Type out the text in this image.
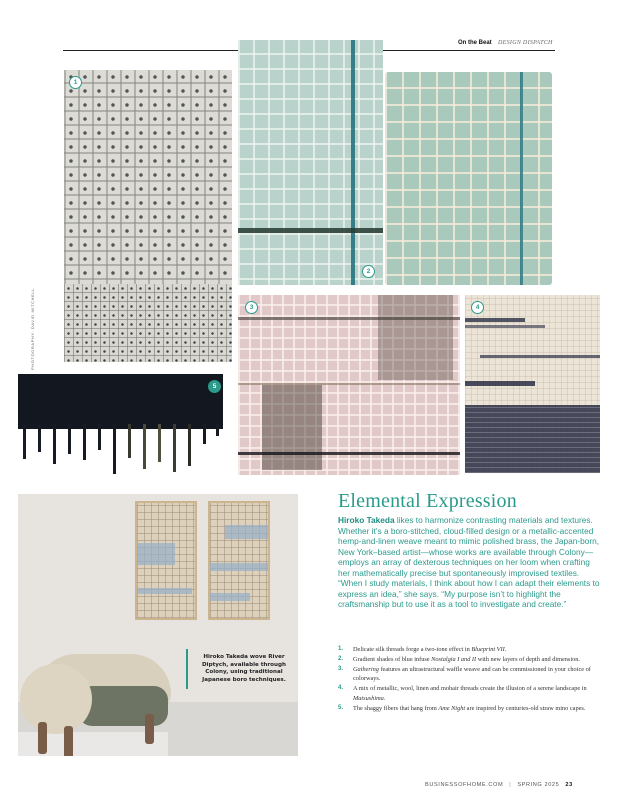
On the Beat DESIGN DISPATCH
PHOTOGRAPHY: DAVID MITCHELL
1
2
3	4
5
Hiroko Takeda wove River Diptych, available through Colony, using traditional Japanese boro techniques.
Elemental Expression
Hiroko Takeda likes to harmonize contrasting materials and textures. Whether it’s a boro-stitched, cloud-filled design or a metallic-accented hemp-and-linen weave meant to mimic polished brass, the Japan-born, New York–based artist—whose works are available through Colony—employs an array of dexterous techniques on her loom when crafting her mathematically precise but spontaneously improvised textiles. “When I study materials, I think about how I can adapt their elements to express an idea,” she says. “My purpose isn’t to highlight the craftsmanship but to use it as a tool to investigate and create.”
1. Delicate silk threads forge a two-tone effect in Blueprint VII.
2. Gradient shades of blue infuse Nostalgia I and II with new layers of depth and dimension.
3. Gathering features an ultrastructural waffle weave and can be commissioned in your choice of colorways.
4. A mix of metallic, wool, linen and mohair threads create the illusion of a serene landscape in Matsushima.
5. The shaggy fibers that hang from Ame Night are inspired by centuries-old straw mino capes.
BUSINESSOFHOME.COM | SPRING 2025 23
